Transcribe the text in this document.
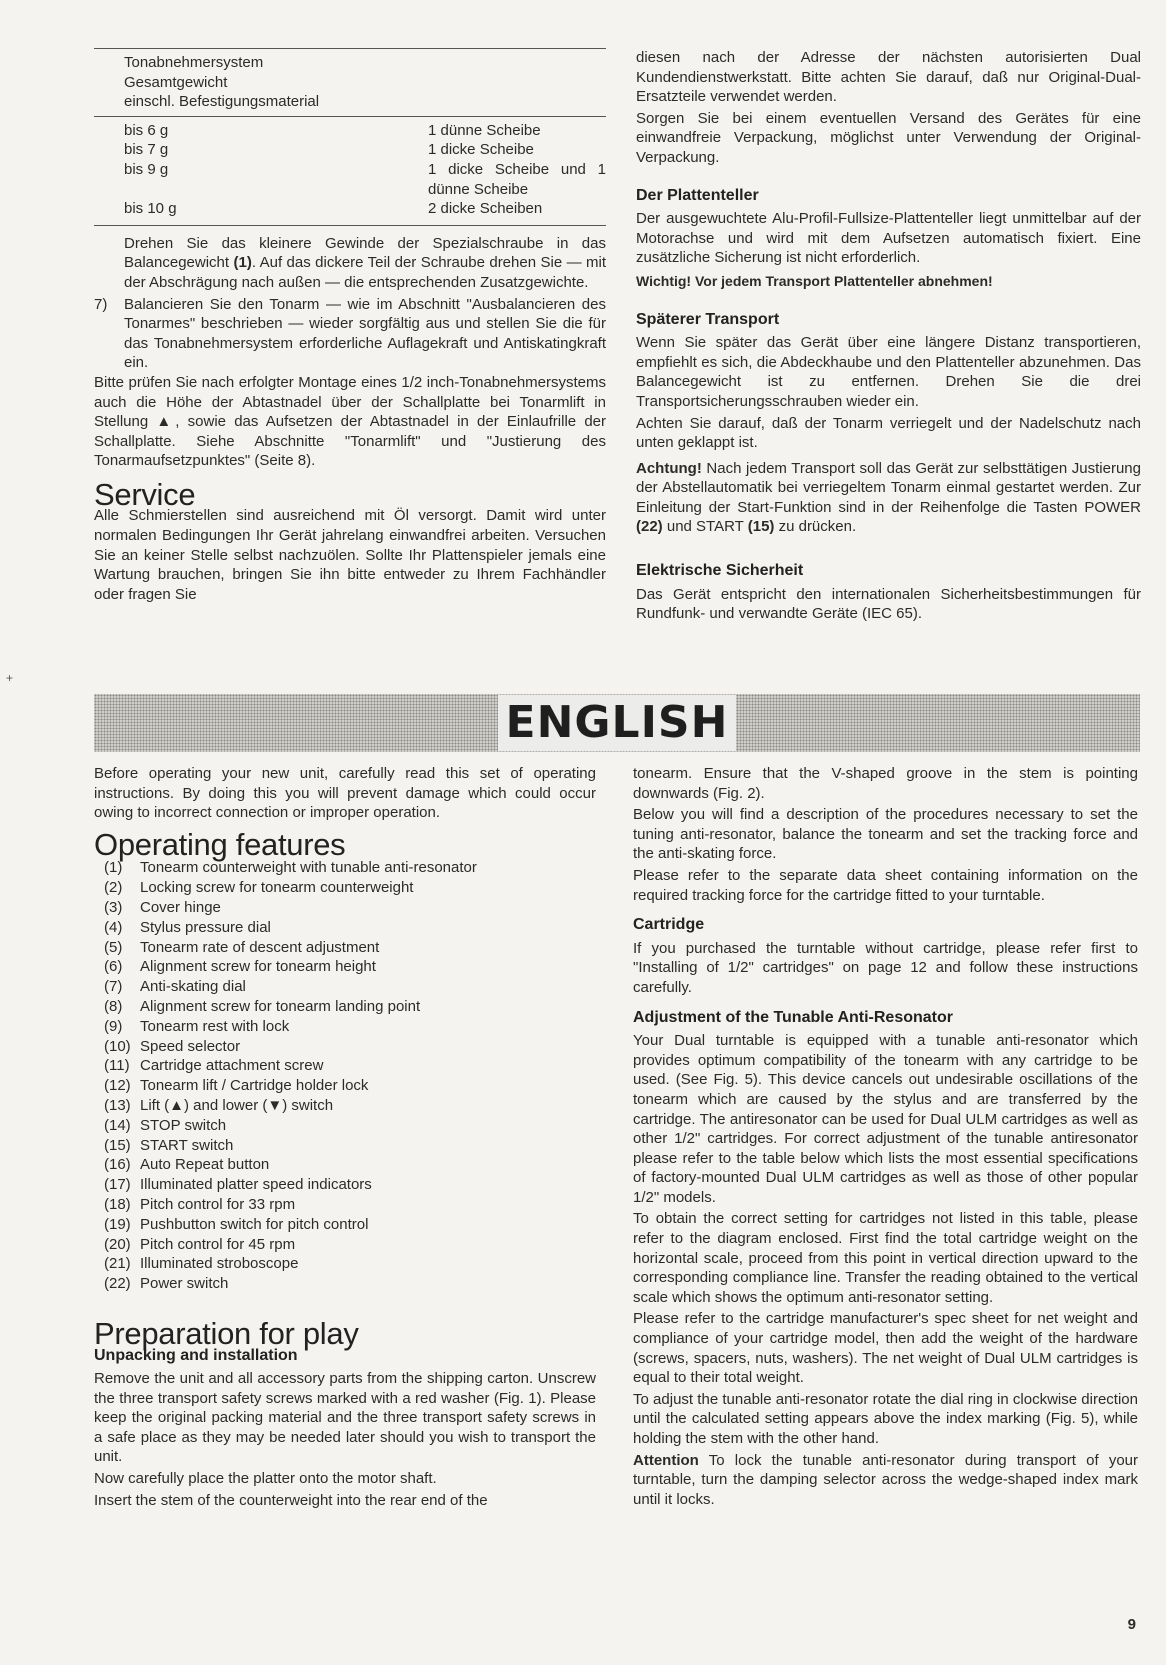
Tonabnehmersystem
Gesamtgewicht
einschl. Befestigungsmaterial	

bis 6 g	1 dünne Scheibe
bis 7 g	1 dicke Scheibe
bis 9 g	1 dicke Scheibe und 1 dünne Scheibe
bis 10 g	2 dicke Scheiben

Drehen Sie das kleinere Gewinde der Spezialschraube in das Balancegewicht (1). Auf das dickere Teil der Schraube drehen Sie — mit der Abschrägung nach außen — die entsprechenden Zusatzgewichte.

7)	Balancieren Sie den Tonarm — wie im Abschnitt "Ausbalancieren des Tonarmes" beschrieben — wieder sorgfältig aus und stellen Sie die für das Tonabnehmersystem erforderliche Auflagekraft und Antiskatingkraft ein.

Bitte prüfen Sie nach erfolgter Montage eines 1/2 inch-Tonabnehmersystems auch die Höhe der Abtastnadel über der Schallplatte bei Tonarmlift in Stellung ▲, sowie das Aufsetzen der Abtastnadel in der Einlaufrille der Schallplatte. Siehe Abschnitte "Tonarmlift" und "Justierung des Tonarmaufsetzpunktes" (Seite 8).

Service

Alle Schmierstellen sind ausreichend mit Öl versorgt. Damit wird unter normalen Bedingungen Ihr Gerät jahrelang einwandfrei arbeiten. Versuchen Sie an keiner Stelle selbst nachzuölen. Sollte Ihr Plattenspieler jemals eine Wartung brauchen, bringen Sie ihn bitte entweder zu Ihrem Fachhändler oder fragen Sie

diesen nach der Adresse der nächsten autorisierten Dual Kundendienstwerkstatt. Bitte achten Sie darauf, daß nur Original-Dual-Ersatzteile verwendet werden.

Sorgen Sie bei einem eventuellen Versand des Gerätes für eine einwandfreie Verpackung, möglichst unter Verwendung der Original-Verpackung.

Der Plattenteller

Der ausgewuchtete Alu-Profil-Fullsize-Plattenteller liegt unmittelbar auf der Motorachse und wird mit dem Aufsetzen automatisch fixiert. Eine zusätzliche Sicherung ist nicht erforderlich.

Wichtig! Vor jedem Transport Plattenteller abnehmen!

Späterer Transport

Wenn Sie später das Gerät über eine längere Distanz transportieren, empfiehlt es sich, die Abdeckhaube und den Plattenteller abzunehmen. Das Balancegewicht ist zu entfernen. Drehen Sie die drei Transportsicherungsschrauben wieder ein.

Achten Sie darauf, daß der Tonarm verriegelt und der Nadelschutz nach unten geklappt ist.

Achtung! Nach jedem Transport soll das Gerät zur selbsttätigen Justierung der Abstellautomatik bei verriegeltem Tonarm einmal gestartet werden. Zur Einleitung der Start-Funktion sind in der Reihenfolge die Tasten POWER (22) und START (15) zu drücken.

Elektrische Sicherheit

Das Gerät entspricht den internationalen Sicherheitsbestimmungen für Rundfunk- und verwandte Geräte (IEC 65).

ENGLISH

Before operating your new unit, carefully read this set of operating instructions. By doing this you will prevent damage which could occur owing to incorrect connection or improper operation.

Operating features
(1)	Tonearm counterweight with tunable anti-resonator
(2)	Locking screw for tonearm counterweight
(3)	Cover hinge
(4)	Stylus pressure dial
(5)	Tonearm rate of descent adjustment
(6)	Alignment screw for tonearm height
(7)	Anti-skating dial
(8)	Alignment screw for tonearm landing point
(9)	Tonearm rest with lock
(10) Speed selector
(11) Cartridge attachment screw
(12) Tonearm lift / Cartridge holder lock
(13) Lift (▲) and lower (▼) switch
(14) STOP switch
(15) START switch
(16) Auto Repeat button
(17) Illuminated platter speed indicators
(18) Pitch control for 33 rpm
(19) Pushbutton switch for pitch control
(20) Pitch control for 45 rpm
(21) Illuminated stroboscope
(22) Power switch
Preparation for play
Unpacking and installation

Remove the unit and all accessory parts from the shipping carton. Unscrew the three transport safety screws marked with a red washer (Fig. 1). Please keep the original packing material and the three transport safety screws in a safe place as they may be needed later should you wish to transport the unit.

Now carefully place the platter onto the motor shaft.

Insert the stem of the counterweight into the rear end of the

tonearm. Ensure that the V-shaped groove in the stem is pointing downwards (Fig. 2).

Below you will find a description of the procedures necessary to set the tuning anti-resonator, balance the tonearm and set the tracking force and the anti-skating force.

Please refer to the separate data sheet containing information on the required tracking force for the cartridge fitted to your turntable.

Cartridge

If you purchased the turntable without cartridge, please refer first to "Installing of 1/2" cartridges" on page 12 and follow these instructions carefully.

Adjustment of the Tunable Anti-Resonator

Your Dual turntable is equipped with a tunable anti-resonator which provides optimum compatibility of the tonearm with any cartridge to be used. (See Fig. 5). This device cancels out undesirable oscillations of the tonearm which are caused by the stylus and are transferred by the cartridge. The antiresonator can be used for Dual ULM cartridges as well as other 1/2" cartridges. For correct adjustment of the tunable antiresonator please refer to the table below which lists the most essential specifications of factory-mounted Dual ULM cartridges as well as those of other popular 1/2" models.

To obtain the correct setting for cartridges not listed in this table, please refer to the diagram enclosed. First find the total cartridge weight on the horizontal scale, proceed from this point in vertical direction upward to the corresponding compliance line. Transfer the reading obtained to the vertical scale which shows the optimum anti-resonator setting.

Please refer to the cartridge manufacturer's spec sheet for net weight and compliance of your cartridge model, then add the weight of the hardware (screws, spacers, nuts, washers). The net weight of Dual ULM cartridges is equal to their total weight.

To adjust the tunable anti-resonator rotate the dial ring in clockwise direction until the calculated setting appears above the index marking (Fig. 5), while holding the stem with the other hand.

Attention To lock the tunable anti-resonator during transport of your turntable, turn the damping selector across the wedge-shaped index mark until it locks.

+
9
